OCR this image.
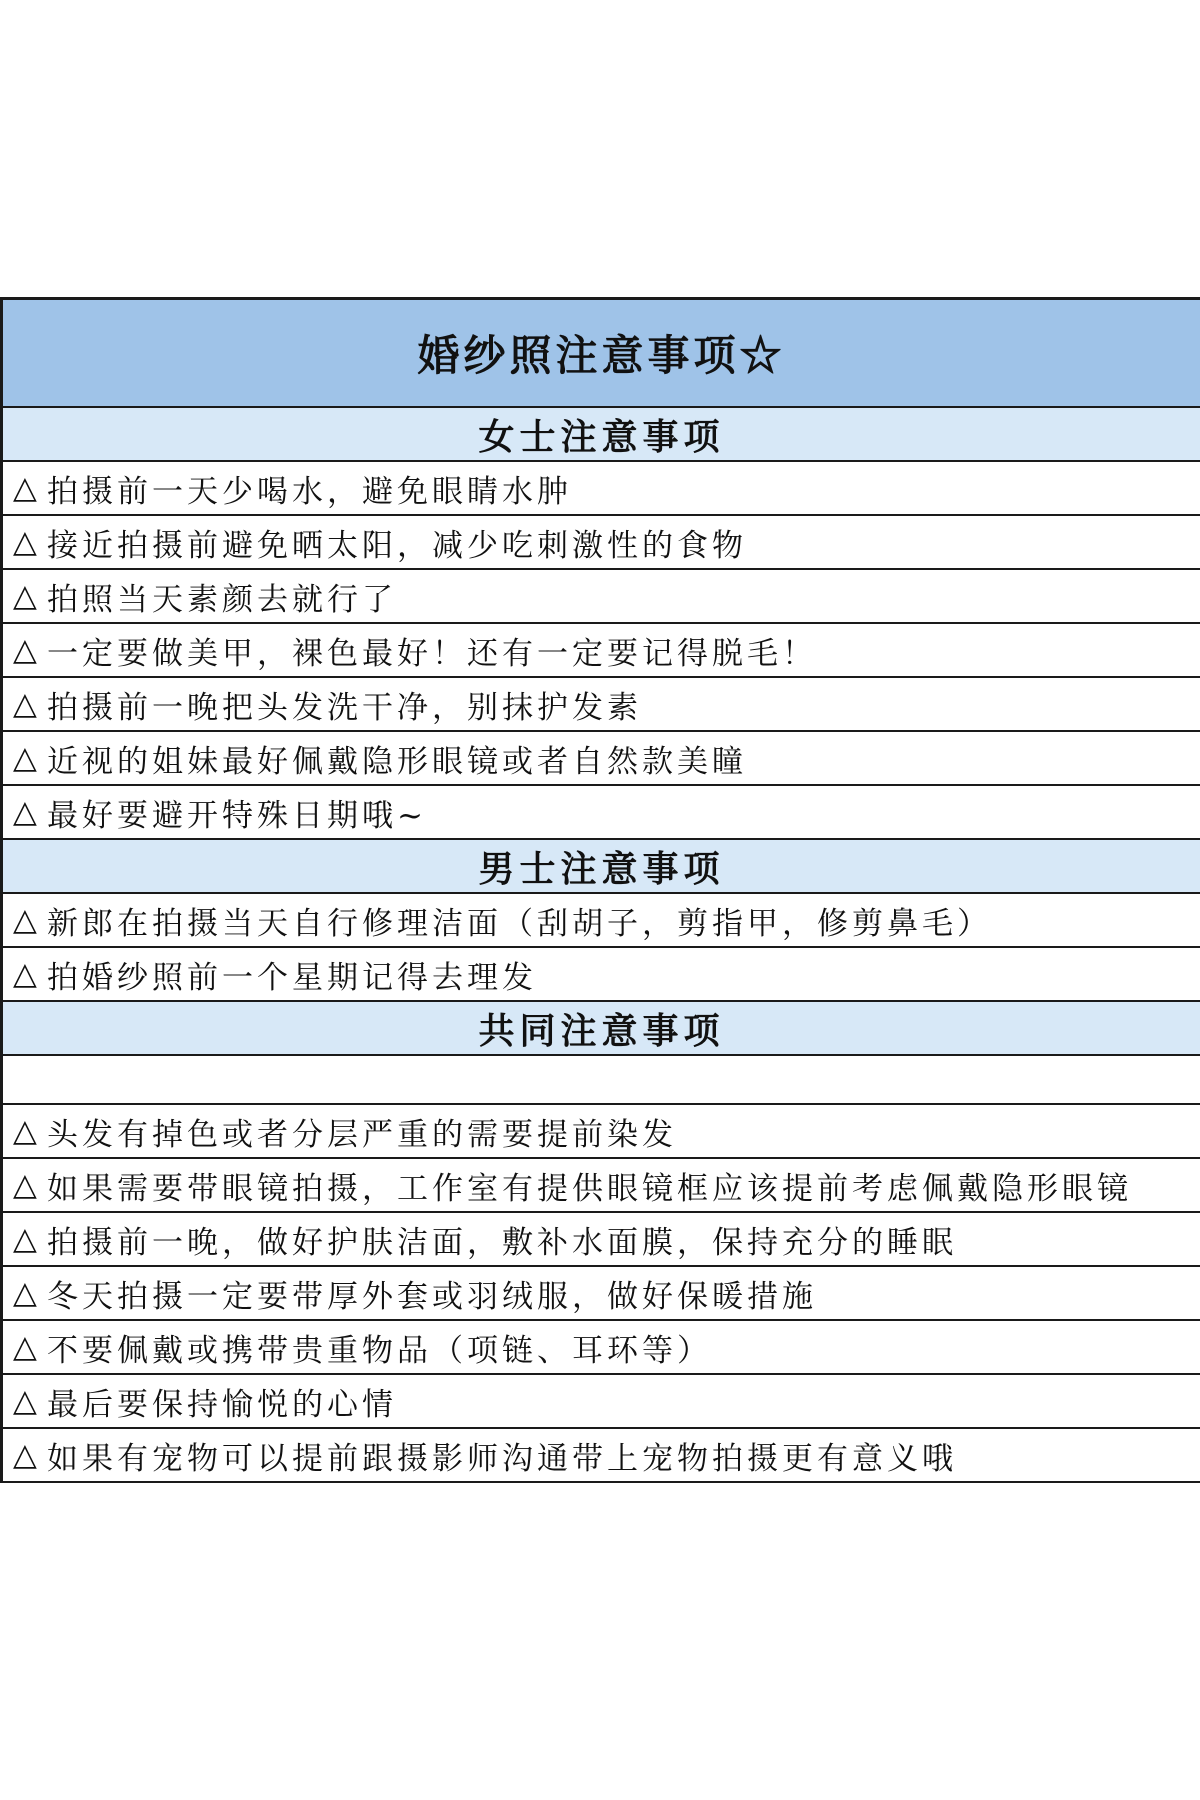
婚纱照注意事项☆
女士注意事项
△ 拍摄前一天少喝水，避免眼睛水肿
△ 接近拍摄前避免晒太阳，减少吃刺激性的食物
△ 拍照当天素颜去就行了
△ 一定要做美甲，裸色最好！还有一定要记得脱毛！
△ 拍摄前一晚把头发洗干净，别抹护发素
△ 近视的姐妹最好佩戴隐形眼镜或者自然款美瞳
△ 最好要避开特殊日期哦~
男士注意事项
△ 新郎在拍摄当天自行修理洁面（刮胡子，剪指甲，修剪鼻毛）
△ 拍婚纱照前一个星期记得去理发
共同注意事项
△ 头发有掉色或者分层严重的需要提前染发
△ 如果需要带眼镜拍摄，工作室有提供眼镜框应该提前考虑佩戴隐形眼镜
△ 拍摄前一晚，做好护肤洁面，敷补水面膜，保持充分的睡眠
△ 冬天拍摄一定要带厚外套或羽绒服，做好保暖措施
△ 不要佩戴或携带贵重物品（项链、耳环等）
△ 最后要保持愉悦的心情
△ 如果有宠物可以提前跟摄影师沟通带上宠物拍摄更有意义哦
